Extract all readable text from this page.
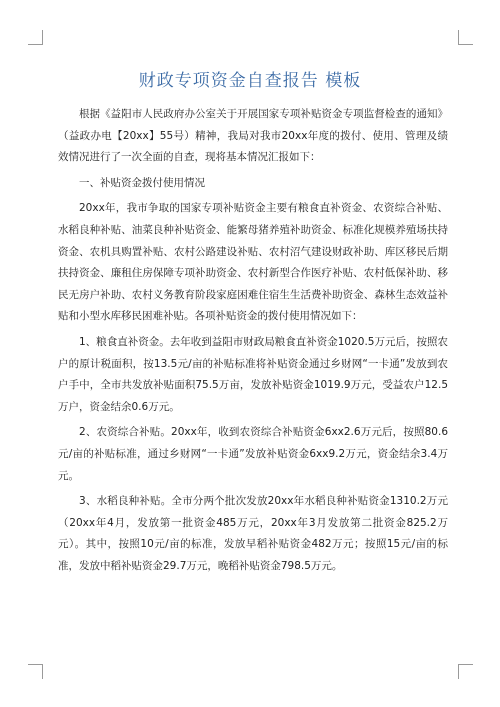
财政专项资金自查报告 模板

根据《益阳市人民政府办公室关于开展国家专项补贴资金专项监督检查的通知》（益政办电【20xx】55号）精神，我局对我市20xx年度的拨付、使用、管理及绩效情况进行了一次全面的自查，现将基本情况汇报如下：

一、补贴资金拨付使用情况

20xx年，我市争取的国家专项补贴资金主要有粮食直补资金、农资综合补贴、水稻良种补贴、油菜良种补贴资金、能繁母猪养殖补助资金、标准化规模养殖场扶持资金、农机具购置补贴、农村公路建设补贴、农村沼气建设财政补助、库区移民后期扶持资金、廉租住房保障专项补助资金、农村新型合作医疗补贴、农村低保补助、移民无房户补助、农村义务教育阶段家庭困难住宿生生活费补助资金、森林生态效益补贴和小型水库移民困难补贴。各项补贴资金的拨付使用情况如下：

1、粮食直补资金。去年收到益阳市财政局粮食直补资金1020.5万元后，按照农户的原计税面积，按13.5元/亩的补贴标准将补贴资金通过乡财网“一卡通”发放到农户手中，全市共发放补贴面积75.5万亩，发放补贴资金1019.9万元，受益农户12.5万户，资金结余0.6万元。

2、农资综合补贴。20xx年，收到农资综合补贴资金6xx2.6万元后，按照80.6元/亩的补贴标准，通过乡财网“一卡通”发放补贴资金6xx9.2万元，资金结余3.4万元。

3、水稻良种补贴。全市分两个批次发放20xx年水稻良种补贴资金1310.2万元（20xx年4月，发放第一批资金485万元，20xx年3月发放第二批资金825.2万元）。其中，按照10元/亩的标准，发放早稻补贴资金482万元；按照15元/亩的标准，发放中稻补贴资金29.7万元，晚稻补贴资金798.5万元。
